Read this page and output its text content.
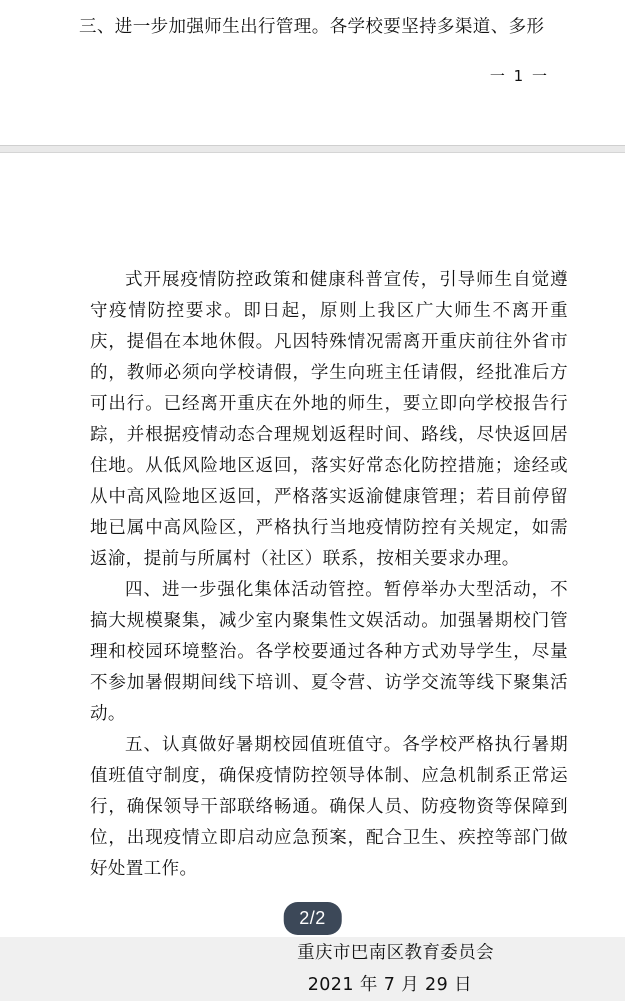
三、进一步加强师生出行管理。各学校要坚持多渠道、多形

一 1 一

式开展疫情防控政策和健康科普宣传，引导师生自觉遵守疫情防控要求。即日起，原则上我区广大师生不离开重庆，提倡在本地休假。凡因特殊情况需离开重庆前往外省市的，教师必须向学校请假，学生向班主任请假，经批准后方可出行。已经离开重庆在外地的师生，要立即向学校报告行踪，并根据疫情动态合理规划返程时间、路线，尽快返回居住地。从低风险地区返回，落实好常态化防控措施；途经或从中高风险地区返回，严格落实返渝健康管理；若目前停留地已属中高风险区，严格执行当地疫情防控有关规定，如需返渝，提前与所属村（社区）联系，按相关要求办理。

四、进一步强化集体活动管控。暂停举办大型活动，不搞大规模聚集，减少室内聚集性文娱活动。加强暑期校门管理和校园环境整治。各学校要通过各种方式劝导学生，尽量不参加暑假期间线下培训、夏令营、访学交流等线下聚集活动。

五、认真做好暑期校园值班值守。各学校严格执行暑期值班值守制度，确保疫情防控领导体制、应急机制系正常运行，确保领导干部联络畅通。确保人员、防疫物资等保障到位，出现疫情立即启动应急预案，配合卫生、疾控等部门做好处置工作。

重庆市巴南区教育委员会
2021 年 7 月 29 日
2/2
